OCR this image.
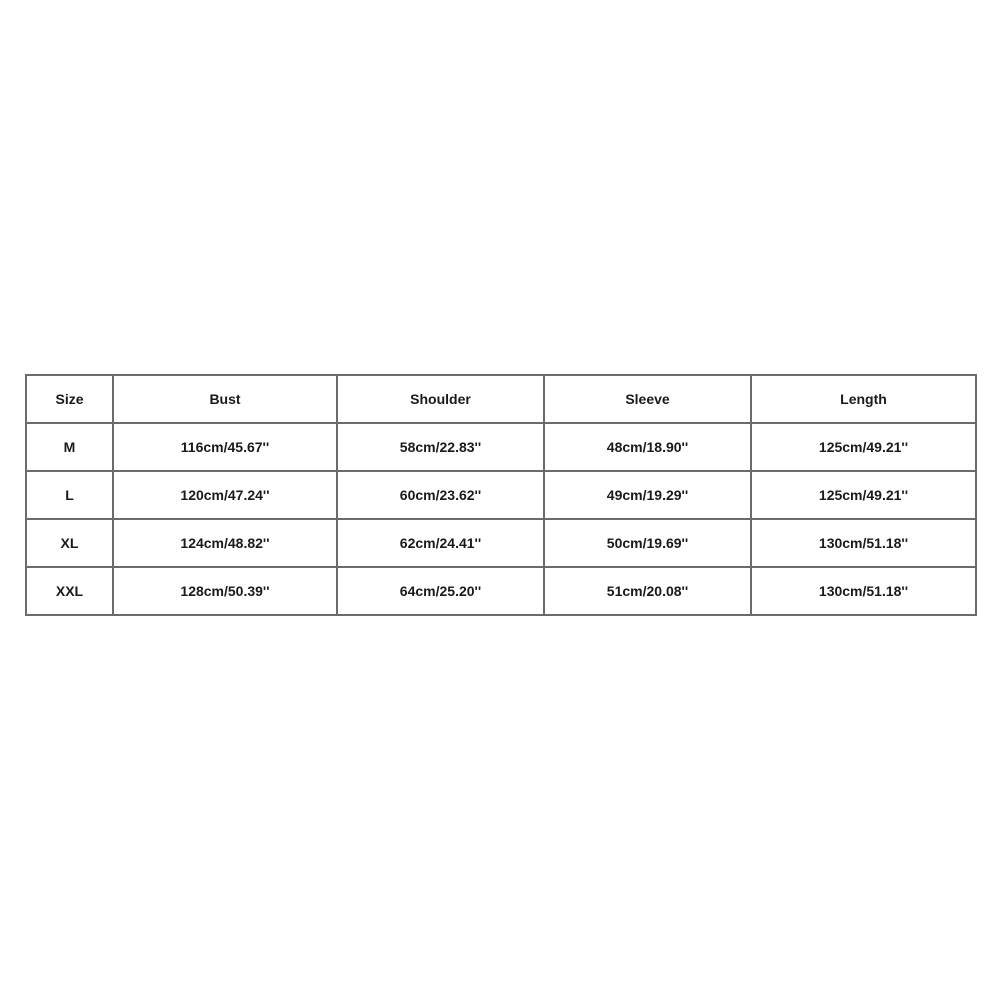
Size	Bust	Shoulder	Sleeve	Length
M	116cm/45.67''	58cm/22.83''	48cm/18.90''	125cm/49.21''
L	120cm/47.24''	60cm/23.62''	49cm/19.29''	125cm/49.21''
XL	124cm/48.82''	62cm/24.41''	50cm/19.69''	130cm/51.18''
XXL	128cm/50.39''	64cm/25.20''	51cm/20.08''	130cm/51.18''
